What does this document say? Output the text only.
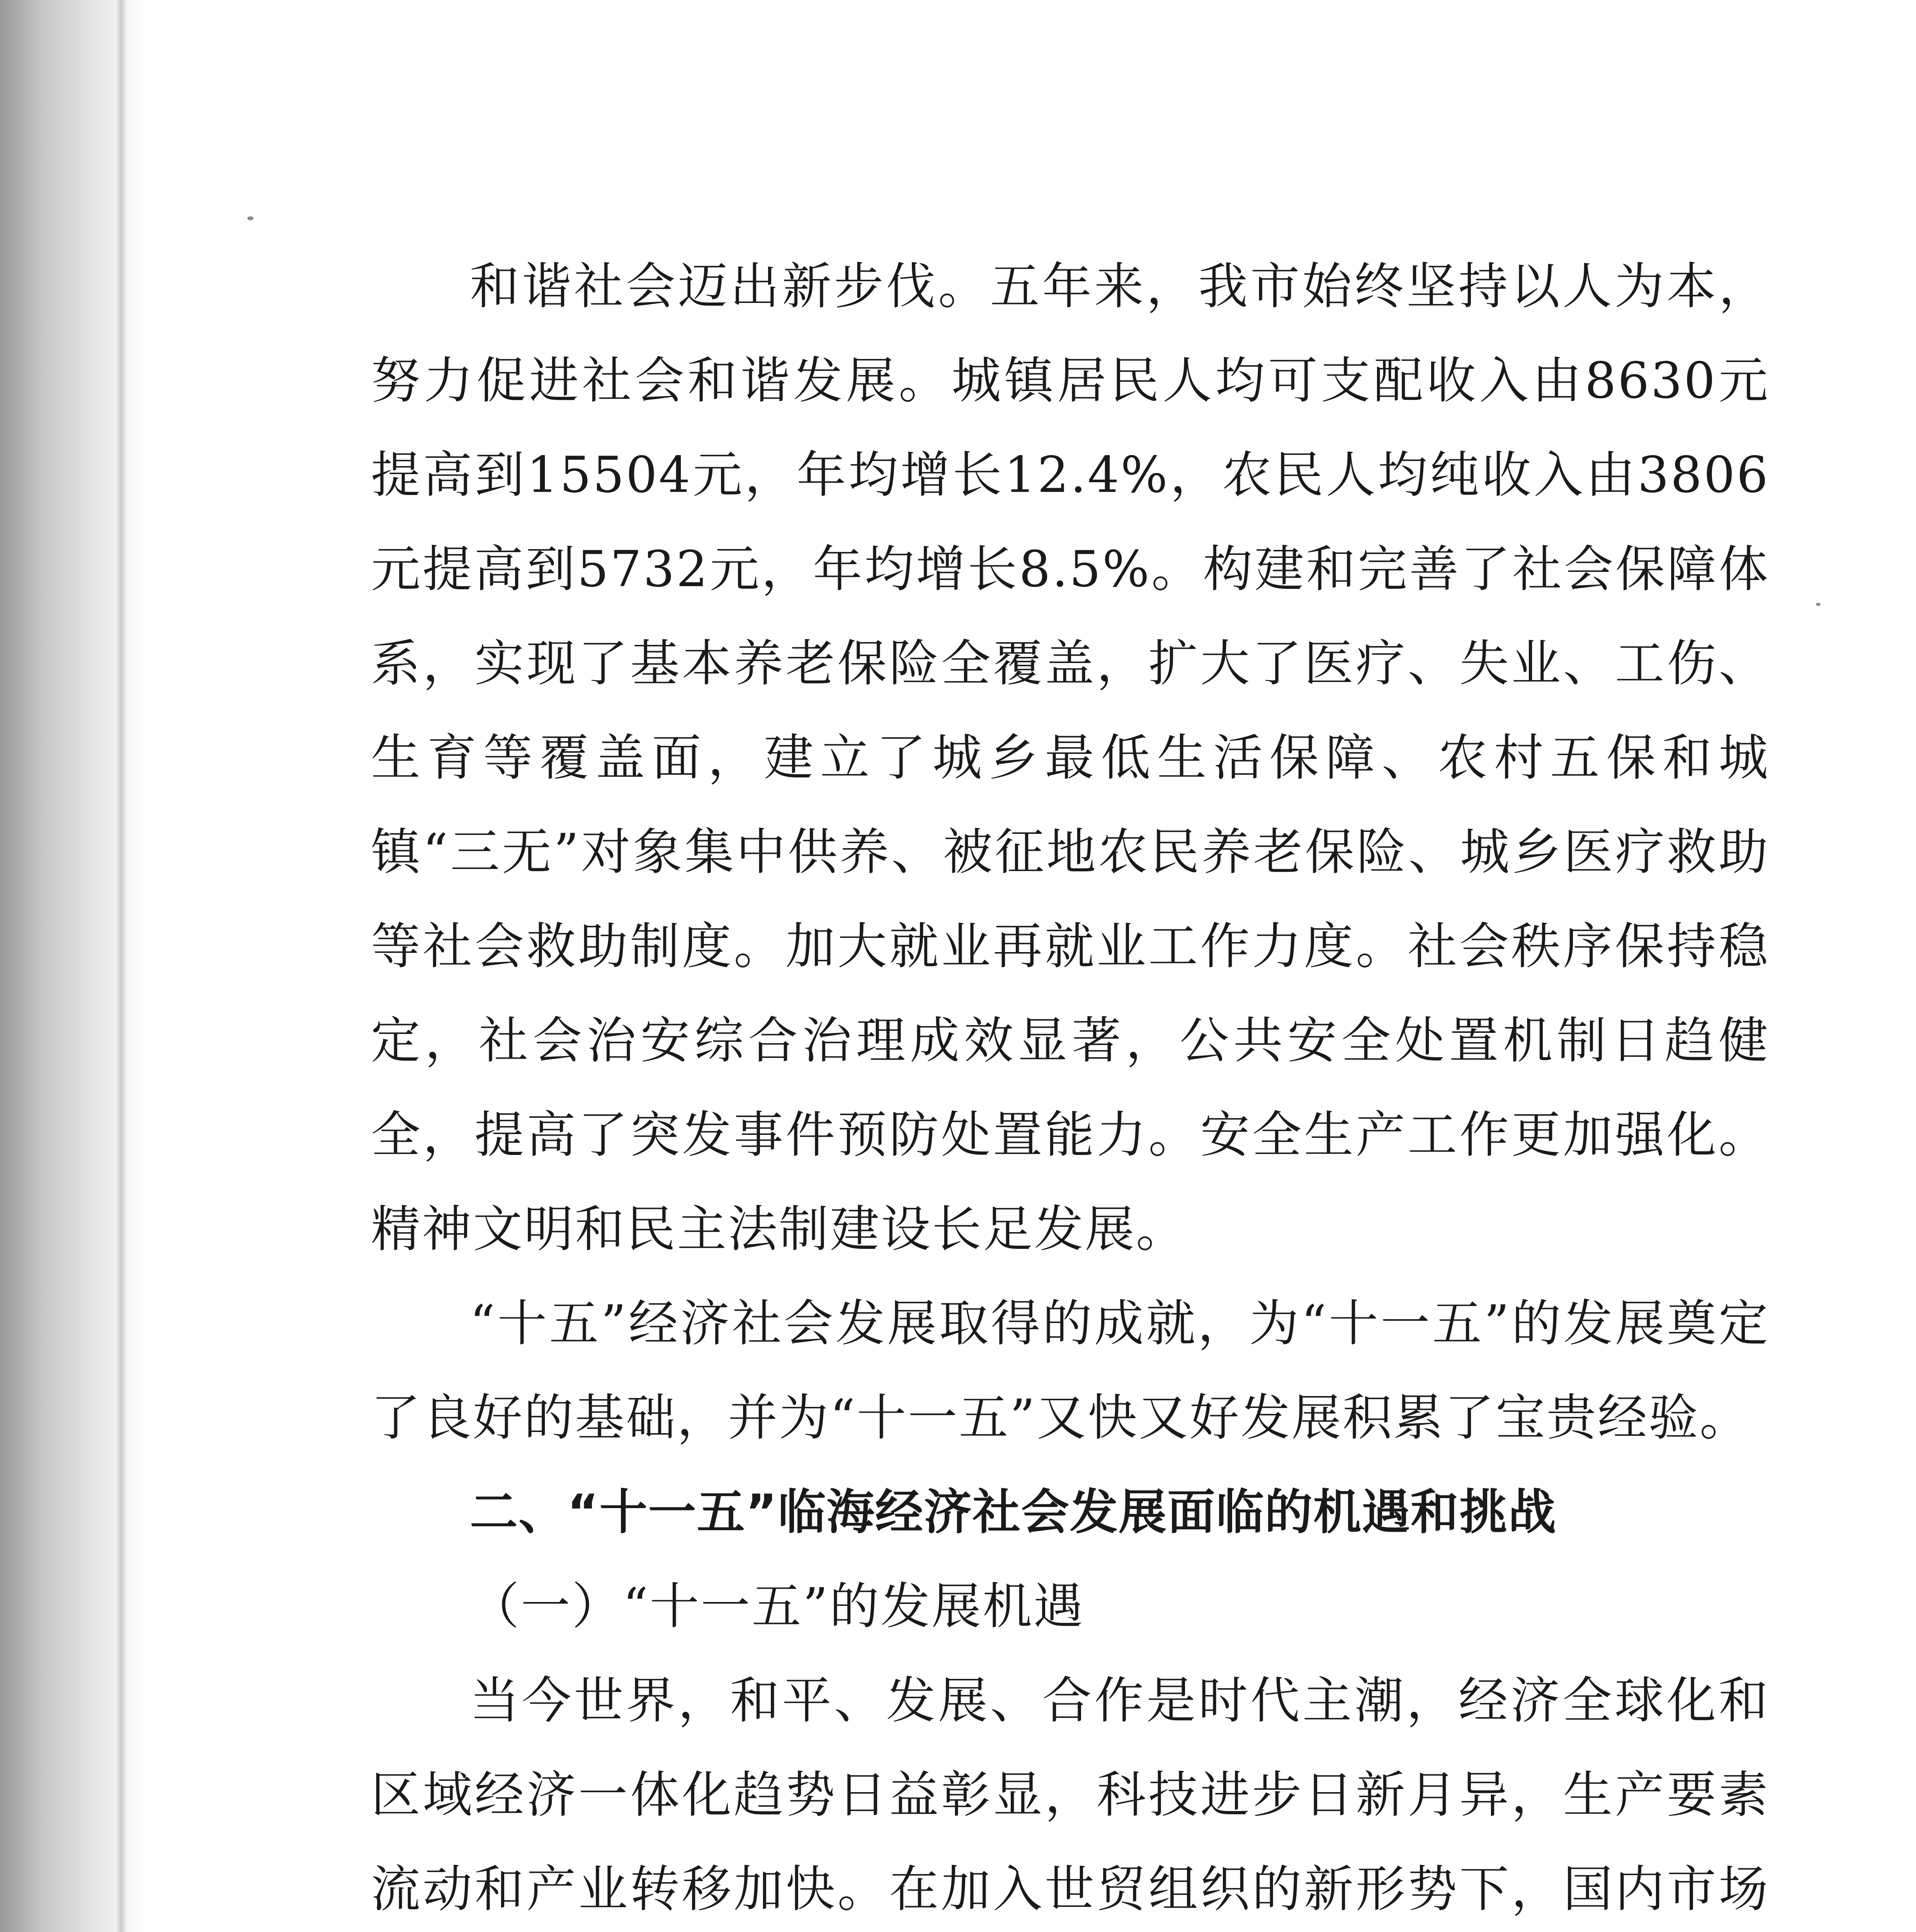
和谐社会迈出新步伐。五年来，我市始终坚持以人为本，努力促进社会和谐发展。城镇居民人均可支配收入由8630元提高到15504元，年均增长12.4%，农民人均纯收入由3806元提高到5732元，年均增长8.5%。构建和完善了社会保障体系，实现了基本养老保险全覆盖，扩大了医疗、失业、工伤、生育等覆盖面，建立了城乡最低生活保障、农村五保和城镇“三无”对象集中供养、被征地农民养老保险、城乡医疗救助等社会救助制度。加大就业再就业工作力度。社会秩序保持稳定，社会治安综合治理成效显著，公共安全处置机制日趋健全，提高了突发事件预防处置能力。安全生产工作更加强化。精神文明和民主法制建设长足发展。

“十五”经济社会发展取得的成就，为“十一五”的发展奠定了良好的基础，并为“十一五”又快又好发展积累了宝贵经验。

二、“十一五”临海经济社会发展面临的机遇和挑战

（一）“十一五”的发展机遇

当今世界，和平、发展、合作是时代主潮，经济全球化和区域经济一体化趋势日益彰显，科技进步日新月异，生产要素流动和产业转移加快。在加入世贸组织的新形势下，国内市场
